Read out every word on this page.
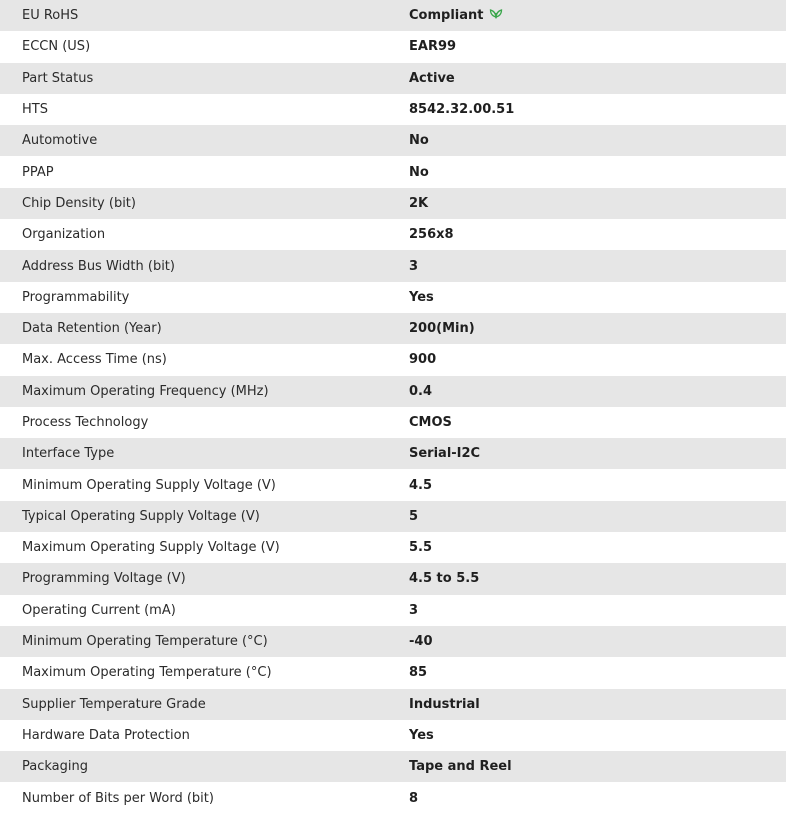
EU RoHS	Compliant
ECCN (US)	EAR99
Part Status	Active
HTS	8542.32.00.51
Automotive	No
PPAP	No
Chip Density (bit)	2K
Organization	256x8
Address Bus Width (bit)	3
Programmability	Yes
Data Retention (Year)	200(Min)
Max. Access Time (ns)	900
Maximum Operating Frequency (MHz)	0.4
Process Technology	CMOS
Interface Type	Serial-I2C
Minimum Operating Supply Voltage (V)	4.5
Typical Operating Supply Voltage (V)	5
Maximum Operating Supply Voltage (V)	5.5
Programming Voltage (V)	4.5 to 5.5
Operating Current (mA)	3
Minimum Operating Temperature (°C)	-40
Maximum Operating Temperature (°C)	85
Supplier Temperature Grade	Industrial
Hardware Data Protection	Yes
Packaging	Tape and Reel
Number of Bits per Word (bit)	8
